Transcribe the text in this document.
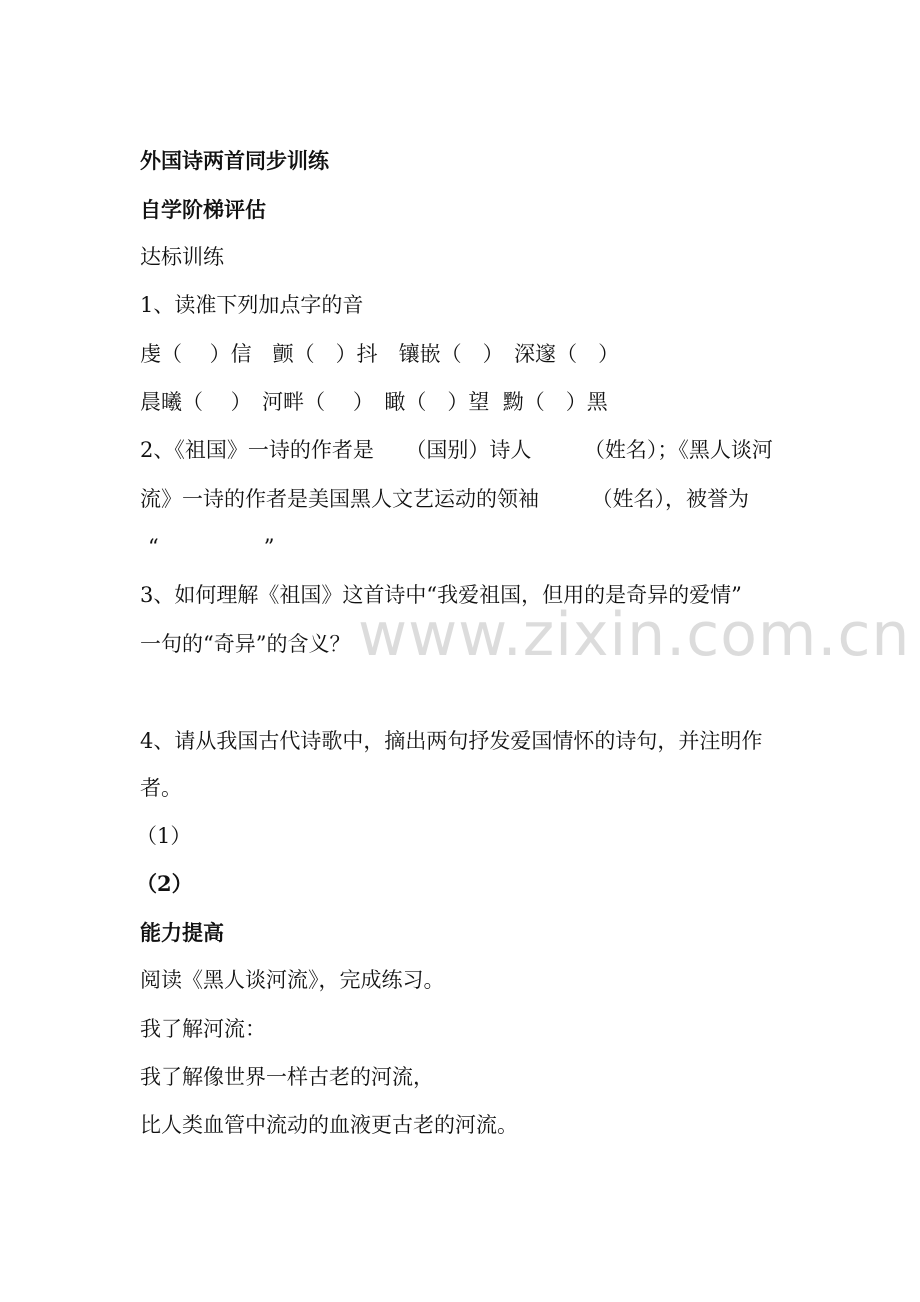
外国诗两首同步训练
自学阶梯评估
达标训练
1、读准下列加点字的音
虔（　 ）信　颤（　）抖　镶嵌（　）　深邃（　）
晨曦（　 ）　河畔（　 ）　瞰（　）望  黝（　）黑
2、《祖国》一诗的作者是　　（国别）诗人　　　（姓名）；《黑人谈河
流》一诗的作者是美国黑人文艺运动的领袖　　　（姓名），被誉为
“　　　　　”
3、如何理解《祖国》这首诗中“我爱祖国，但用的是奇异的爱情”
一句的“奇异”的含义？
4、请从我国古代诗歌中，摘出两句抒发爱国情怀的诗句，并注明作
者。
（1）
（2）
能力提高
阅读《黑人谈河流》，完成练习。
我了解河流：
我了解像世界一样古老的河流，
比人类血管中流动的血液更古老的河流。
www.zixin.com.cn
